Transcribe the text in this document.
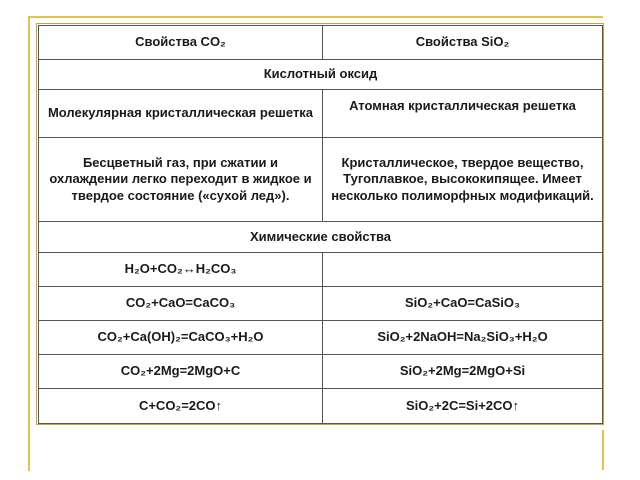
Свойства CO₂	Свойства SiO₂
Кислотный оксид	
Молекулярная кристаллическая решетка	Атомная кристаллическая решетка
Бесцветный газ, при сжатии и охлаждении легко переходит в жидкое и твердое состояние («сухой лед»).	Кристаллическое, твердое вещество, Тугоплавкое, высококипящее. Имеет несколько полиморфных модификаций.
Химические свойства	
H₂O+CO₂↔H₂CO₃	
CO₂+CaO=CaCO₃	SiO₂+CaO=CaSiO₃
CO₂+Ca(OH)₂=CaCO₃+H₂O	SiO₂+2NaOH=Na₂SiO₃+H₂O
CO₂+2Mg=2MgO+C	SiO₂+2Mg=2MgO+Si
C+CO₂=2CO↑	SiO₂+2C=Si+2CO↑
